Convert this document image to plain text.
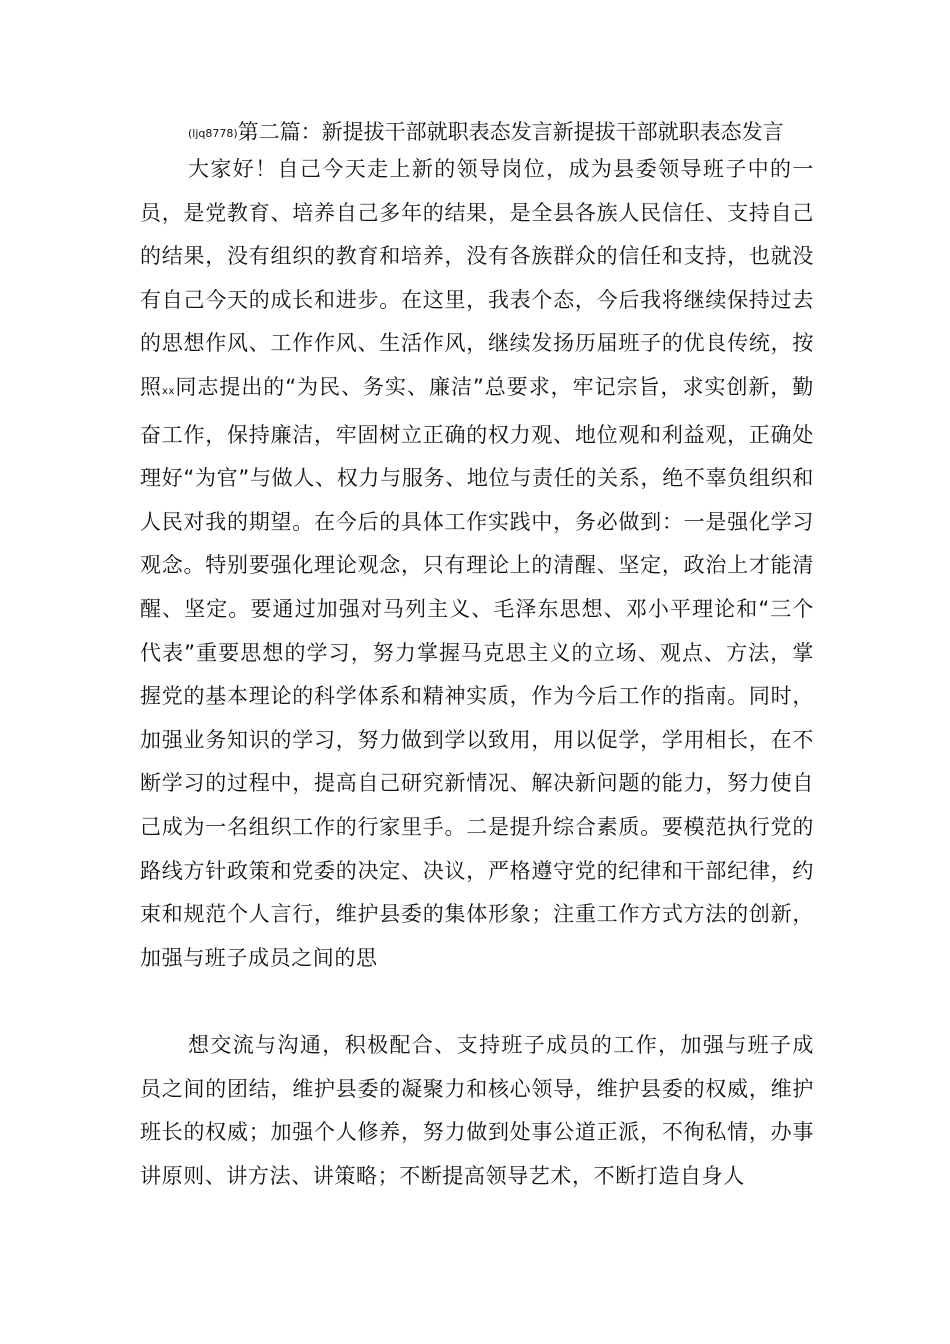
(ljq8778)第二篇：新提拔干部就职表态发言新提拔干部就职表态发言
大家好！自己今天走上新的领导岗位，成为县委领导班子中的一员，是党教育、培养自己多年的结果，是全县各族人民信任、支持自己的结果，没有组织的教育和培养，没有各族群众的信任和支持，也就没有自己今天的成长和进步。在这里，我表个态，今后我将继续保持过去的思想作风、工作作风、生活作风，继续发扬历届班子的优良传统，按照xx同志提出的“为民、务实、廉洁”总要求，牢记宗旨，求实创新，勤奋工作，保持廉洁，牢固树立正确的权力观、地位观和利益观，正确处理好“为官”与做人、权力与服务、地位与责任的关系，绝不辜负组织和人民对我的期望。在今后的具体工作实践中，务必做到：一是强化学习观念。特别要强化理论观念，只有理论上的清醒、坚定，政治上才能清醒、坚定。要通过加强对马列主义、毛泽东思想、邓小平理论和“三个代表”重要思想的学习，努力掌握马克思主义的立场、观点、方法，掌握党的基本理论的科学体系和精神实质，作为今后工作的指南。同时，加强业务知识的学习，努力做到学以致用，用以促学，学用相长，在不断学习的过程中，提高自己研究新情况、解决新问题的能力，努力使自己成为一名组织工作的行家里手。二是提升综合素质。要模范执行党的路线方针政策和党委的决定、决议，严格遵守党的纪律和干部纪律，约束和规范个人言行，维护县委的集体形象；注重工作方式方法的创新，加强与班子成员之间的思
想交流与沟通，积极配合、支持班子成员的工作，加强与班子成员之间的团结，维护县委的凝聚力和核心领导，维护县委的权威，维护班长的权威；加强个人修养，努力做到处事公道正派，不徇私情，办事讲原则、讲方法、讲策略；不断提高领导艺术，不断打造自身人
